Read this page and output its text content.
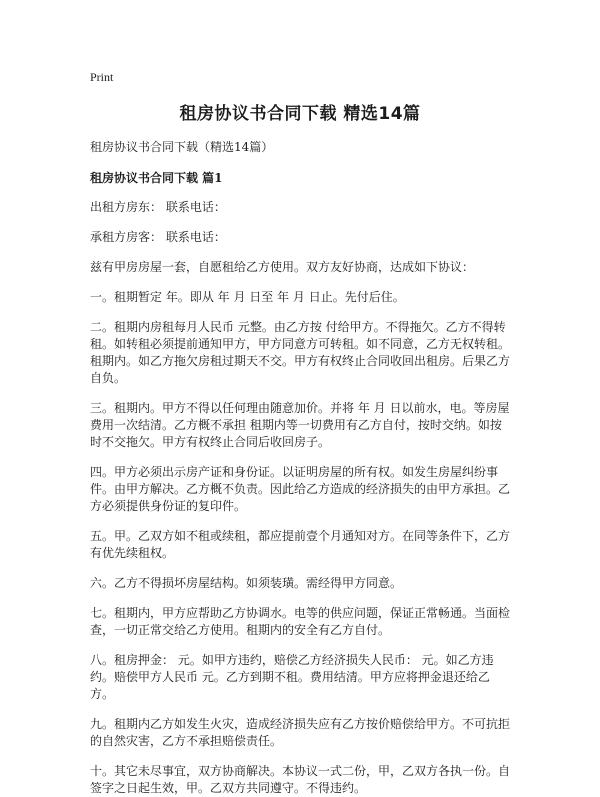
Print
租房协议书合同下载 精选14篇
租房协议书合同下载（精选14篇）
租房协议书合同下载 篇1

出租方房东： 联系电话：

承租方房客： 联系电话：

兹有甲房房屋一套，自愿租给乙方使用。双方友好协商，达成如下协议：

一。租期暂定 年。即从 年 月 日至 年 月 日止。先付后住。

二。租期内房租每月人民币 元整。由乙方按 付给甲方。不得拖欠。乙方不得转租。如转租必须提前通知甲方，甲方同意方可转租。如不同意，乙方无权转租。租期内。如乙方拖欠房租过期天不交。甲方有权终止合同收回出租房。后果乙方自负。

三。租期内。甲方不得以任何理由随意加价。并将 年 月 日以前水，电。等房屋费用一次结清。乙方概不承担 租期内等一切费用有乙方自付，按时交纳。如按时不交拖欠。甲方有权终止合同后收回房子。

四。甲方必须出示房产证和身份证。以证明房屋的所有权。如发生房屋纠纷事件。由甲方解决。乙方概不负责。因此给乙方造成的经济损失的由甲方承担。乙方必须提供身份证的复印件。

五。甲。乙双方如不租或续租，都应提前壹个月通知对方。在同等条件下，乙方有优先续租权。

六。乙方不得损坏房屋结构。如须装璜。需经得甲方同意。

七。租期内，甲方应帮助乙方协调水。电等的供应问题，保证正常畅通。当面检查，一切正常交给乙方使用。租期内的安全有乙方自付。

八。租房押金： 元。如甲方违约，赔偿乙方经济损失人民币： 元。如乙方违约。赔偿甲方人民币 元。乙方到期不租。费用结清。甲方应将押金退还给乙方。

九。租期内乙方如发生火灾，造成经济损失应有乙方按价赔偿给甲方。不可抗拒的自然灾害，乙方不承担赔偿责任。

十。其它未尽事宜，双方协商解决。本协议一式二份，甲，乙双方各执一份。自签字之日起生效，甲。乙双方共同遵守。不得违约。
